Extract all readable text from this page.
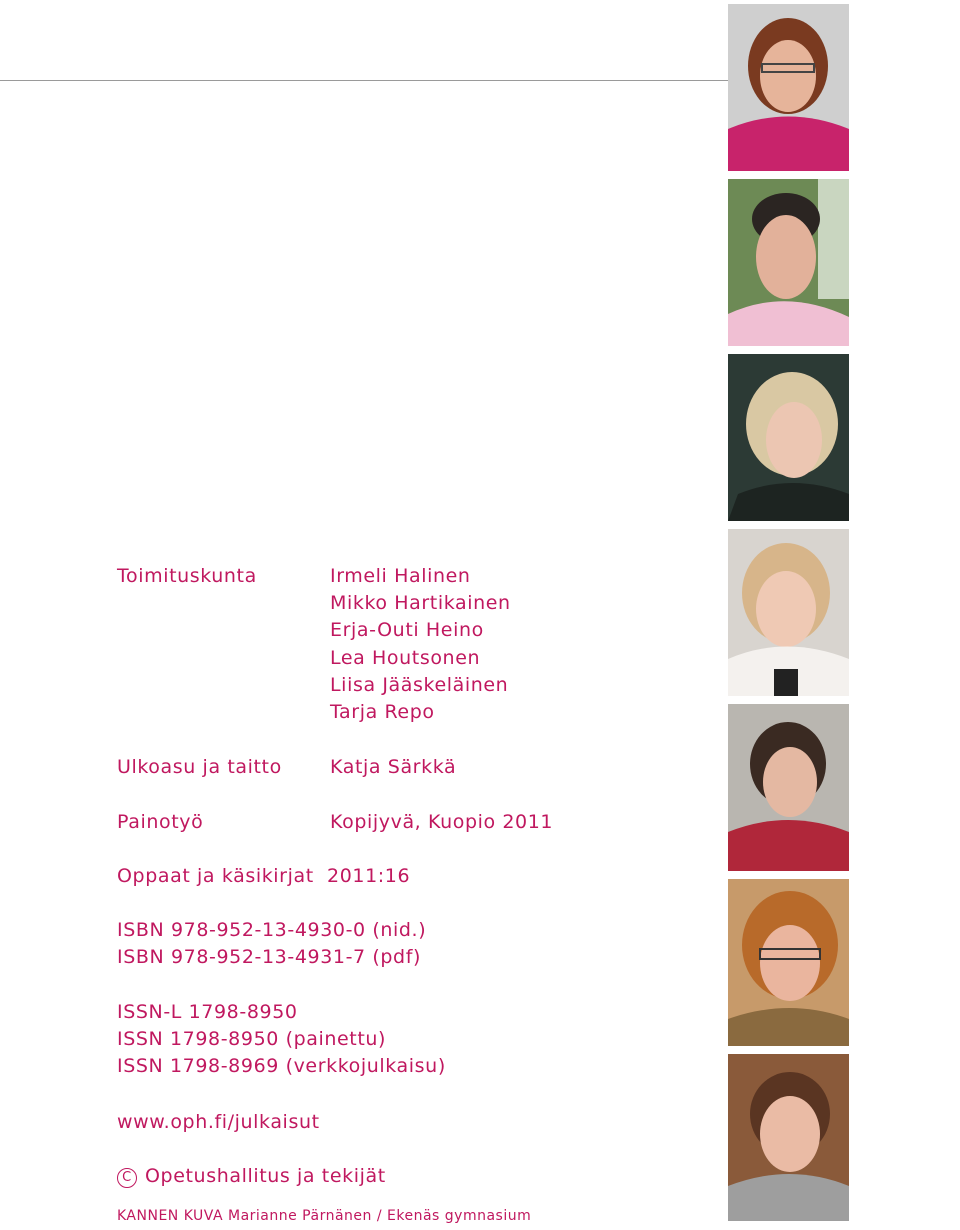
Toimituskunta	Irmeli Halinen
Mikko Hartikainen
Erja-Outi Heino
Lea Houtsonen
Liisa Jääskeläinen
Tarja Repo
Ulkoasu ja taitto	Katja Särkkä
Painotyö	Kopijyvä, Kuopio 2011
Oppaat ja käsikirjat  2011:16
ISBN 978-952-13-4930-0 (nid.)
ISBN 978-952-13-4931-7 (pdf)
ISSN-L 1798-8950
ISSN 1798-8950 (painettu)
ISSN 1798-8969 (verkkojulkaisu)
www.oph.fi/julkaisut
C Opetushallitus ja tekijät
KANNEN KUVA Marianne Pärnänen / Ekenäs gymnasium
